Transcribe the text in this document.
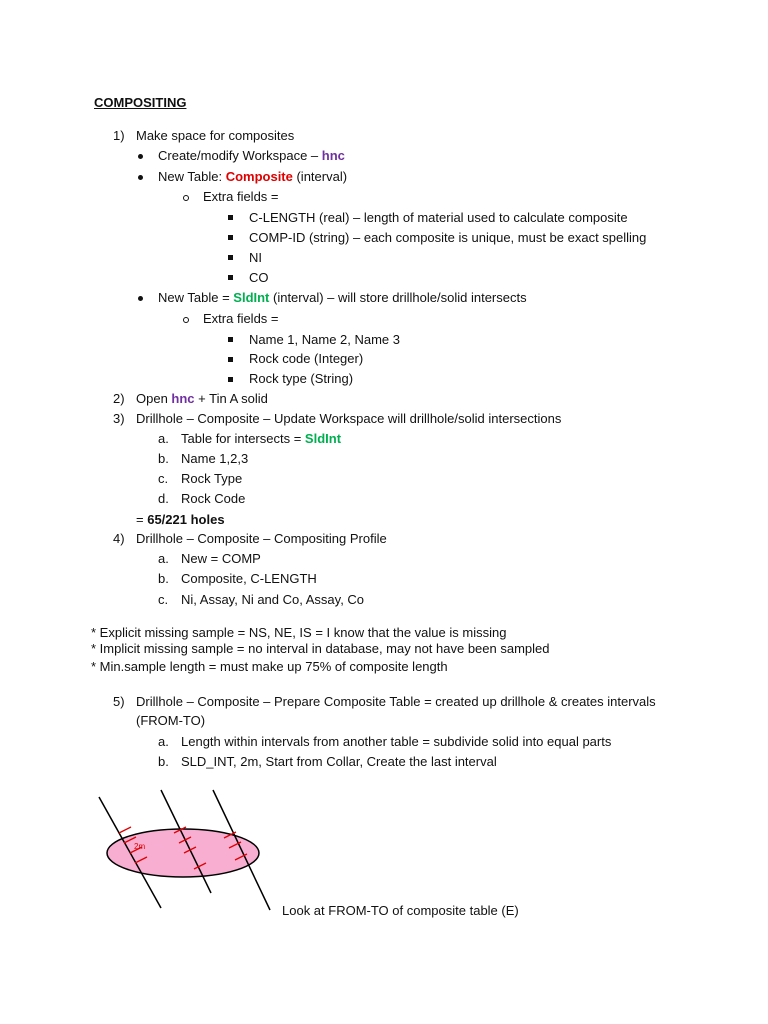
COMPOSITING
1) Make space for composites
Create/modify Workspace – hnc
New Table: Composite (interval)
Extra fields =
C-LENGTH (real) – length of material used to calculate composite
COMP-ID (string) – each composite is unique, must be exact spelling
NI
CO
New Table = SldInt (interval) – will store drillhole/solid intersects
Extra fields =
Name 1, Name 2, Name 3
Rock code (Integer)
Rock type (String)
2) Open hnc + Tin A solid
3) Drillhole – Composite – Update Workspace will drillhole/solid intersections
a. Table for intersects = SldInt
b. Name 1,2,3
c. Rock Type
d. Rock Code
= 65/221 holes
4) Drillhole – Composite – Compositing Profile
a. New = COMP
b. Composite, C-LENGTH
c. Ni, Assay, Ni and Co, Assay, Co
* Explicit missing sample = NS, NE, IS = I know that the value is missing
* Implicit missing sample = no interval in database, may not have been sampled
* Min.sample length = must make up 75% of composite length
5) Drillhole – Composite – Prepare Composite Table = created up drillhole & creates intervals
(FROM-TO)
a. Length within intervals from another table = subdivide solid into equal parts
b. SLD_INT, 2m, Start from Collar, Create the last interval
2m
Look at FROM-TO of composite table (E)
